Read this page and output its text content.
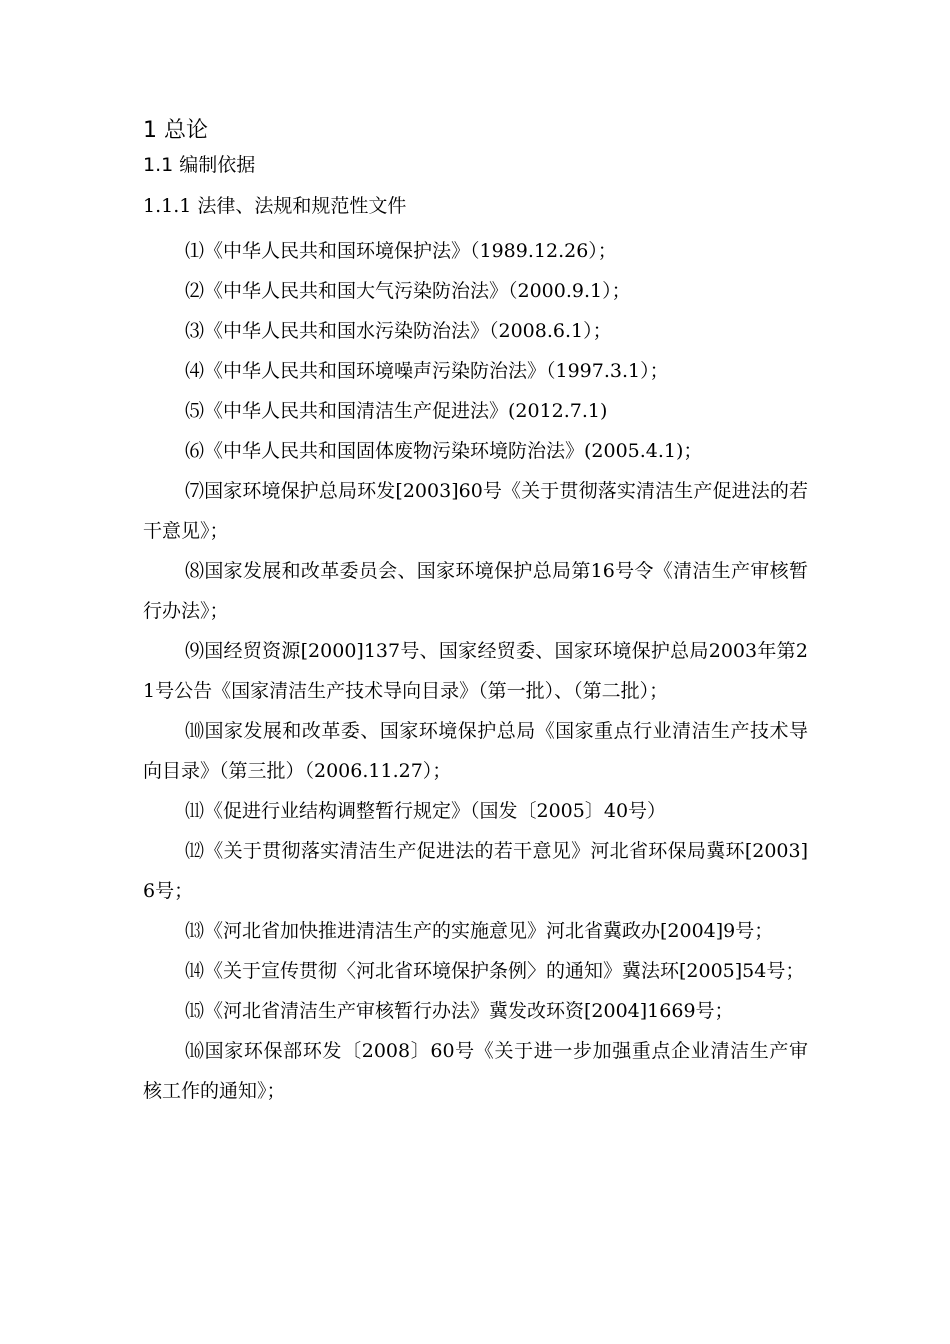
1 总论
1.1 编制依据
1.1.1 法律、法规和规范性文件

⑴《中华人民共和国环境保护法》（1989.12.26）；

⑵《中华人民共和国大气污染防治法》（2000.9.1）；

⑶《中华人民共和国水污染防治法》（2008.6.1）；

⑷《中华人民共和国环境噪声污染防治法》（1997.3.1）；

⑸《中华人民共和国清洁生产促进法》(2012.7.1)

⑹《中华人民共和国固体废物污染环境防治法》(2005.4.1)；

⑺国家环境保护总局环发[2003]60号《关于贯彻落实清洁生产促进法的若干意见》；

⑻国家发展和改革委员会、国家环境保护总局第16号令《清洁生产审核暂行办法》；

⑼国经贸资源[2000]137号、国家经贸委、国家环境保护总局2003年第21号公告《国家清洁生产技术导向目录》（第一批）、（第二批）；

⑽国家发展和改革委、国家环境保护总局《国家重点行业清洁生产技术导向目录》（第三批）（2006.11.27）；

⑾《促进行业结构调整暂行规定》（国发〔2005〕40号）

⑿《关于贯彻落实清洁生产促进法的若干意见》河北省环保局冀环[2003]6号；

⒀《河北省加快推进清洁生产的实施意见》河北省冀政办[2004]9号；

⒁《关于宣传贯彻〈河北省环境保护条例〉的通知》冀法环[2005]54号；

⒂《河北省清洁生产审核暂行办法》冀发改环资[2004]1669号；

⒃国家环保部环发〔2008〕60号《关于进一步加强重点企业清洁生产审核工作的通知》；
